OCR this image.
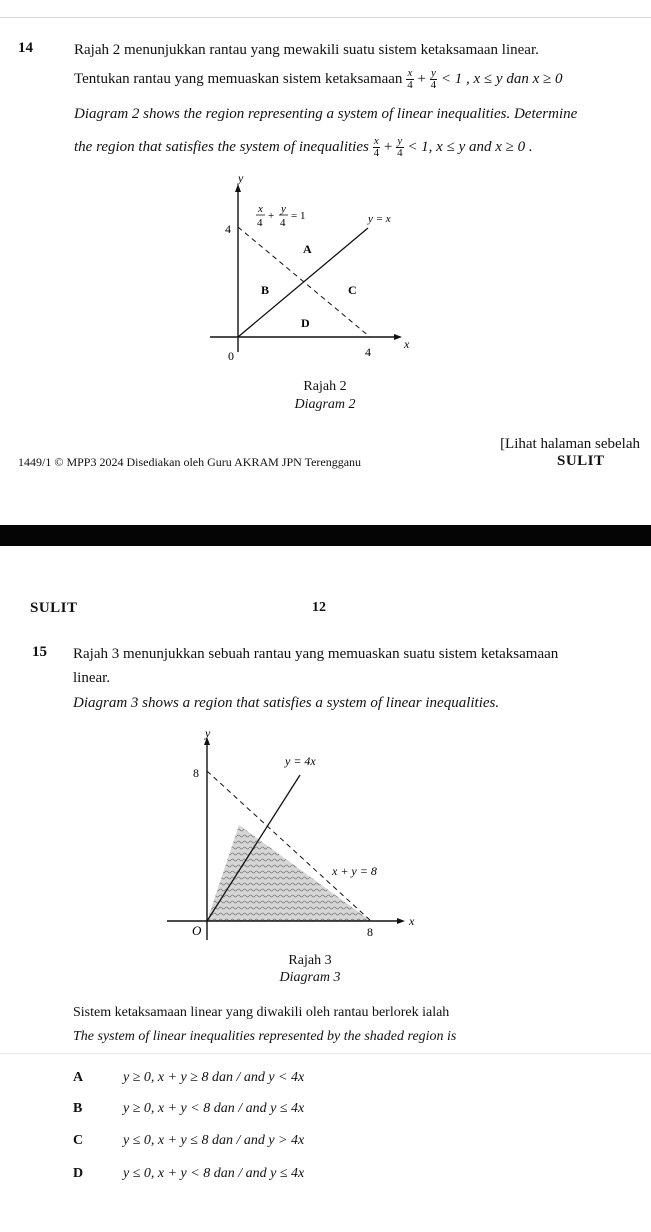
14	Rajah 2 menunjukkan rantau yang mewakili suatu sistem ketaksamaan linear.
Tentukan rantau yang memuaskan sistem ketaksamaan $\frac{x}{4} + \frac{y}{4} < 1$ , x ≤ y dan x ≥ 0
Diagram 2 shows the region representing a system of linear inequalities. Determine
the region that satisfies the system of inequalities $\frac{x}{4} + \frac{y}{4} < 1$, x ≤ y and x ≥ 0 .
y
x
0
4
4
x
4
+
y
4
= 1	y = x
A
B	C
D
Rajah 2
Diagram 2
[Lihat halaman sebelah
1449/1 © MPP3 2024 Disediakan oleh Guru AKRAM JPN Terengganu	SULIT
SULIT	12
15 Rajah 3 menunjukkan sebuah rantau yang memuaskan suatu sistem ketaksamaan
linear.
Diagram 3 shows a region that satisfies a system of linear inequalities.
y
x
O
8
8
y = 4x
x + y = 8
Rajah 3
Diagram 3
Sistem ketaksamaan linear yang diwakili oleh rantau berlorek ialah
The system of linear inequalities represented by the shaded region is
A	y ≥ 0, x + y ≥ 8 dan / and y < 4x
B	y ≥ 0, x + y < 8 dan / and y ≤ 4x
C	y ≤ 0, x + y ≤ 8 dan / and y > 4x
D	y ≤ 0, x + y < 8 dan / and y ≤ 4x
